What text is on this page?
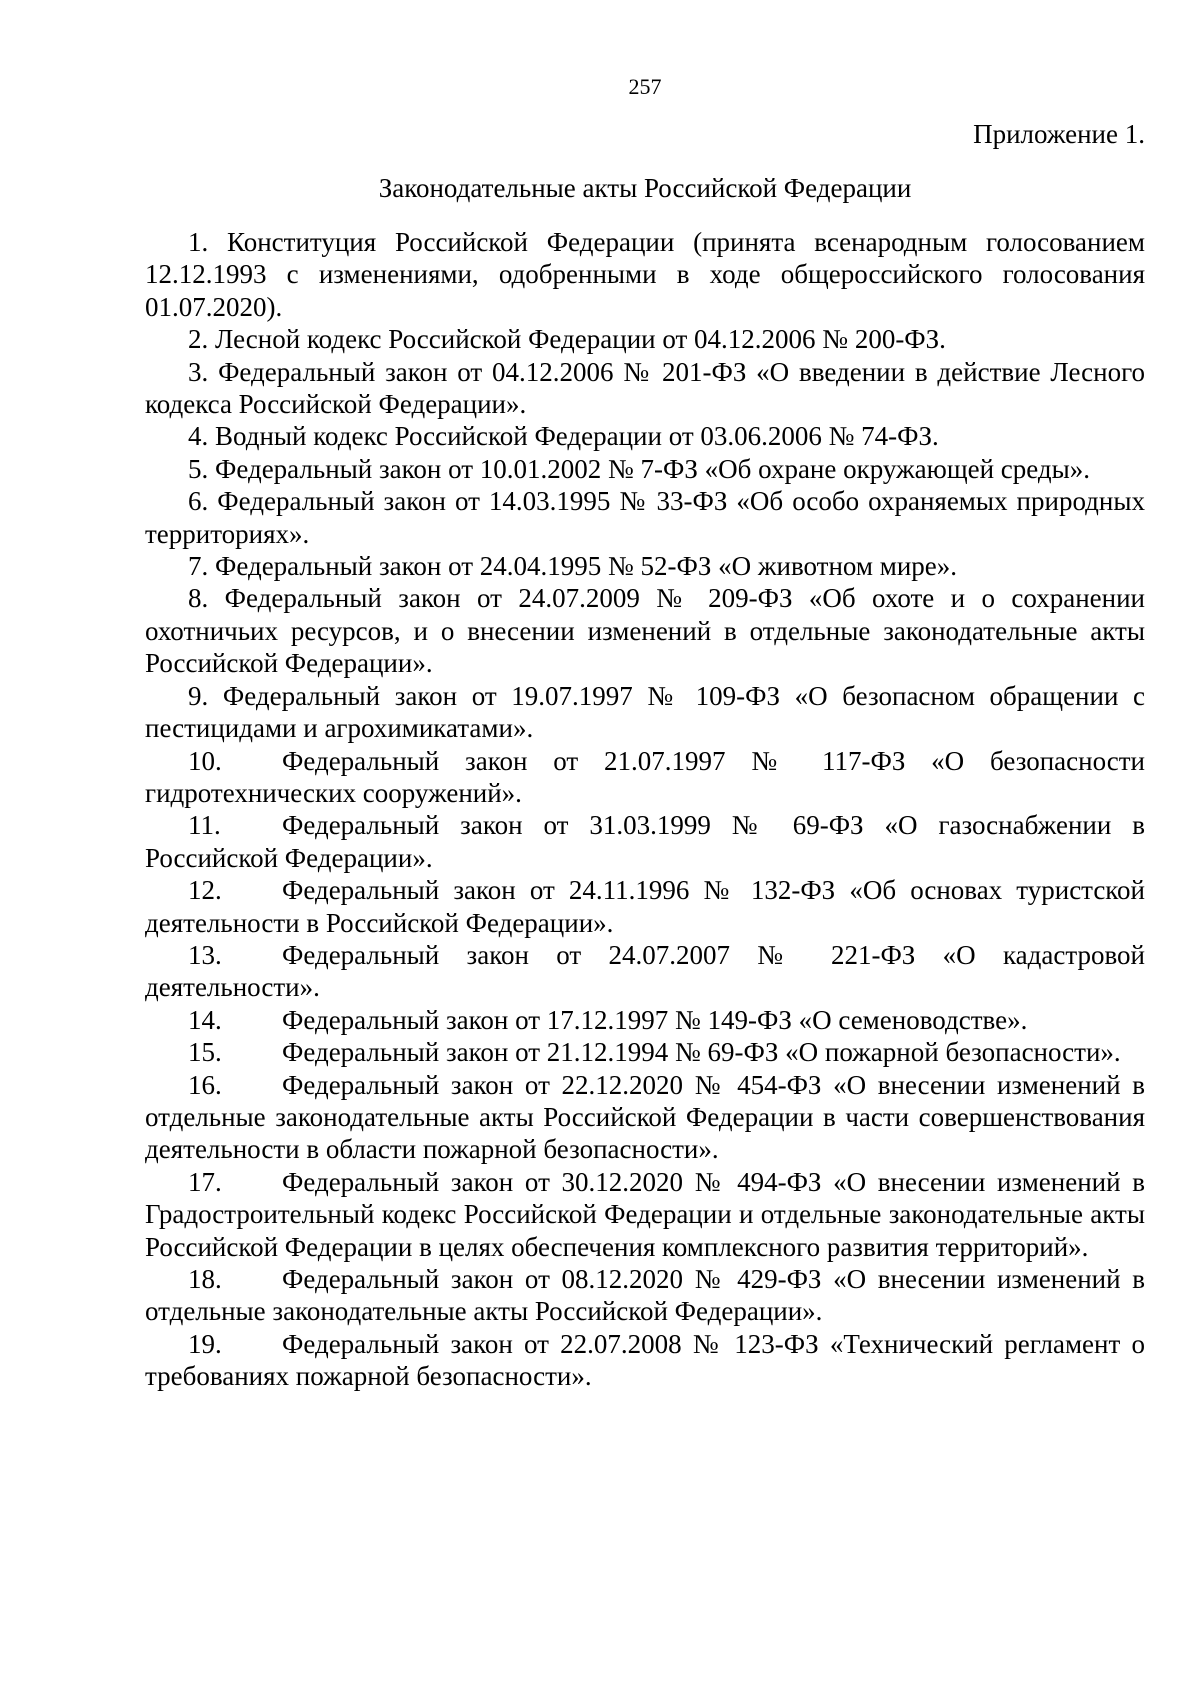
257
Приложение 1.
Законодательные акты Российской Федерации

1. Конституция Российской Федерации (принята всенародным голосованием 12.12.1993 с изменениями, одобренными в ходе общероссийского голосования 01.07.2020).

2. Лесной кодекс Российской Федерации от 04.12.2006 № 200-ФЗ.

3. Федеральный закон от 04.12.2006 № 201-ФЗ «О введении в действие Лесного кодекса Российской Федерации».

4. Водный кодекс Российской Федерации от 03.06.2006 № 74-ФЗ.

5. Федеральный закон от 10.01.2002 № 7-ФЗ «Об охране окружающей среды».

6. Федеральный закон от 14.03.1995 № 33-ФЗ «Об особо охраняемых природных территориях».

7. Федеральный закон от 24.04.1995 № 52-ФЗ «О животном мире».

8. Федеральный закон от 24.07.2009 № 209-ФЗ «Об охоте и о сохранении охотничьих ресурсов, и о внесении изменений в отдельные законодательные акты Российской Федерации».

9. Федеральный закон от 19.07.1997 № 109-ФЗ «О безопасном обращении с пестицидами и агрохимикатами».

10. Федеральный закон от 21.07.1997 № 117-ФЗ «О безопасности гидротехнических сооружений».

11. Федеральный закон от 31.03.1999 № 69-ФЗ «О газоснабжении в Российской Федерации».

12. Федеральный закон от 24.11.1996 № 132-ФЗ «Об основах туристской деятельности в Российской Федерации».

13. Федеральный закон от 24.07.2007 № 221-ФЗ «О кадастровой деятельности».

14. Федеральный закон от 17.12.1997 № 149-ФЗ «О семеноводстве».

15. Федеральный закон от 21.12.1994 № 69-ФЗ «О пожарной безопасности».

16. Федеральный закон от 22.12.2020 № 454-ФЗ «О внесении изменений в отдельные законодательные акты Российской Федерации в части совершенствования деятельности в области пожарной безопасности».

17. Федеральный закон от 30.12.2020 № 494-ФЗ «О внесении изменений в Градостроительный кодекс Российской Федерации и отдельные законодательные акты Российской Федерации в целях обеспечения комплексного развития территорий».

18. Федеральный закон от 08.12.2020 № 429-ФЗ «О внесении изменений в отдельные законодательные акты Российской Федерации».

19. Федеральный закон от 22.07.2008 № 123-ФЗ «Технический регламент о требованиях пожарной безопасности».
